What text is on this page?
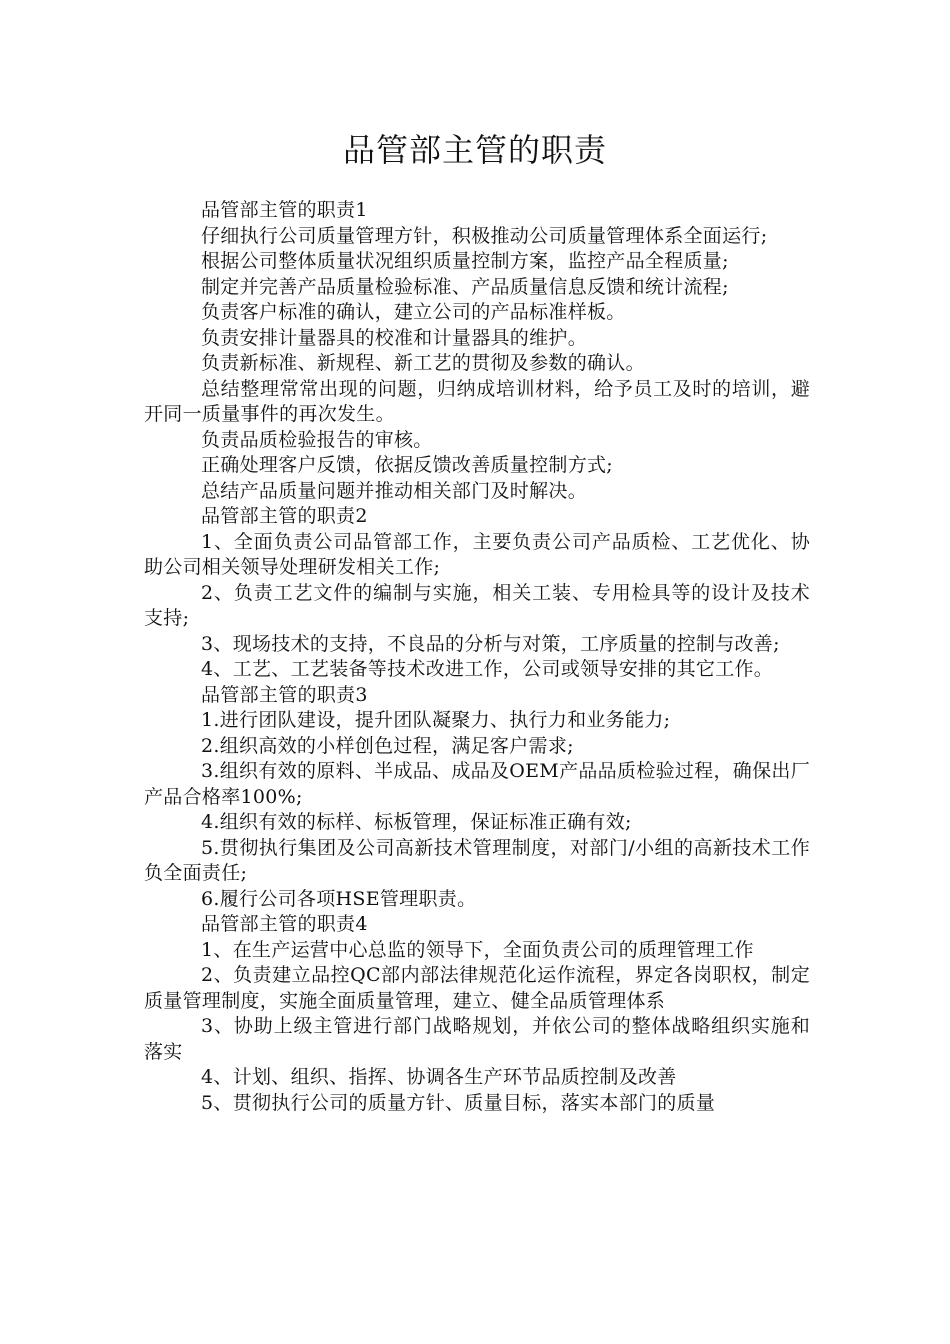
品管部主管的职责

品管部主管的职责1

仔细执行公司质量管理方针，积极推动公司质量管理体系全面运行;

根据公司整体质量状况组织质量控制方案，监控产品全程质量;

制定并完善产品质量检验标准、产品质量信息反馈和统计流程;

负责客户标准的确认，建立公司的产品标准样板。

负责安排计量器具的校准和计量器具的维护。

负责新标准、新规程、新工艺的贯彻及参数的确认。

总结整理常常出现的问题，归纳成培训材料，给予员工及时的培训，避开同一质量事件的再次发生。

负责品质检验报告的审核。

正确处理客户反馈，依据反馈改善质量控制方式;

总结产品质量问题并推动相关部门及时解决。

品管部主管的职责2

1、全面负责公司品管部工作，主要负责公司产品质检、工艺优化、协助公司相关领导处理研发相关工作;

2、负责工艺文件的编制与实施，相关工装、专用检具等的设计及技术支持;

3、现场技术的支持，不良品的分析与对策，工序质量的控制与改善;

4、工艺、工艺装备等技术改进工作，公司或领导安排的其它工作。

品管部主管的职责3

1.进行团队建设，提升团队凝聚力、执行力和业务能力;

2.组织高效的小样创色过程，满足客户需求;

3.组织有效的原料、半成品、成品及OEM产品品质检验过程，确保出厂产品合格率100%;

4.组织有效的标样、标板管理，保证标准正确有效;

5.贯彻执行集团及公司高新技术管理制度，对部门/小组的高新技术工作负全面责任;

6.履行公司各项HSE管理职责。

品管部主管的职责4

1、在生产运营中心总监的领导下，全面负责公司的质理管理工作

2、负责建立品控QC部内部法律规范化运作流程，界定各岗职权，制定质量管理制度，实施全面质量管理，建立、健全品质管理体系

3、协助上级主管进行部门战略规划，并依公司的整体战略组织实施和落实

4、计划、组织、指挥、协调各生产环节品质控制及改善

5、贯彻执行公司的质量方针、质量目标，落实本部门的质量
